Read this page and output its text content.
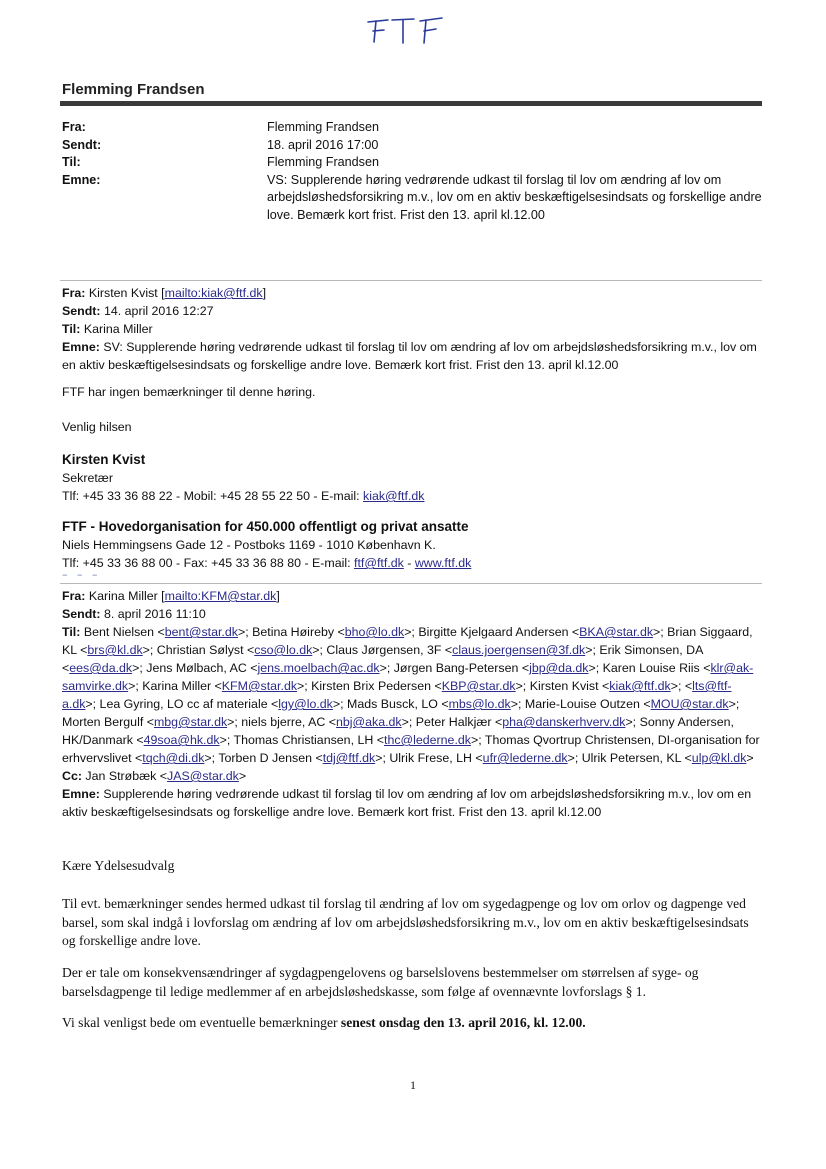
Flemming Frandsen
Fra:	Flemming Frandsen
Sendt:	18. april 2016 17:00
Til:	Flemming Frandsen
Emne:	VS: Supplerende høring vedrørende udkast til forslag til lov om ændring af lov om arbejdsløshedsforsikring m.v., lov om en aktiv beskæftigelsesindsats og forskellige andre love. Bemærk kort frist. Frist den 13. april kl.12.00

Fra: Kirsten Kvist [mailto:kiak@ftf.dk]

Sendt: 14. april 2016 12:27

Til: Karina Miller

Emne: SV: Supplerende høring vedrørende udkast til forslag til lov om ændring af lov om arbejdsløshedsforsikring m.v., lov om en aktiv beskæftigelsesindsats og forskellige andre love. Bemærk kort frist. Frist den 13. april kl.12.00

FTF har ingen bemærkninger til denne høring.
Venlig hilsen

Kirsten Kvist

Sekretær

Tlf: +45 33 36 88 22 - Mobil: +45 28 55 22 50 - E-mail: kiak@ftf.dk

FTF - Hovedorganisation for 450.000 offentligt og privat ansatte

Niels Hemmingsens Gade 12 - Postboks 1169 - 1010 København K.

Tlf: +45 33 36 88 00 - Fax: +45 33 36 88 80 - E-mail: ftf@ftf.dk - www.ftf.dk

– – –

Fra: Karina Miller [mailto:KFM@star.dk]

Sendt: 8. april 2016 11:10

Til: Bent Nielsen <bent@star.dk>; Betina Høireby <bho@lo.dk>; Birgitte Kjelgaard Andersen <BKA@star.dk>; Brian Siggaard, KL <brs@kl.dk>; Christian Sølyst <cso@lo.dk>; Claus Jørgensen, 3F <claus.joergensen@3f.dk>; Erik Simonsen, DA <ees@da.dk>; Jens Mølbach, AC <jens.moelbach@ac.dk>; Jørgen Bang-Petersen <jbp@da.dk>; Karen Louise Riis <klr@ak-samvirke.dk>; Karina Miller <KFM@star.dk>; Kirsten Brix Pedersen <KBP@star.dk>; Kirsten Kvist <kiak@ftf.dk>; <lts@ftf-a.dk>; Lea Gyring, LO cc af materiale <lgy@lo.dk>; Mads Busck, LO <mbs@lo.dk>; Marie-Louise Outzen <MOU@star.dk>; Morten Bergulf <mbg@star.dk>; niels bjerre, AC <nbj@aka.dk>; Peter Halkjær <pha@danskerhverv.dk>; Sonny Andersen, HK/Danmark <49soa@hk.dk>; Thomas Christiansen, LH <thc@lederne.dk>; Thomas Qvortrup Christensen, DI-organisation for erhvervslivet <tqch@di.dk>; Torben D Jensen <tdj@ftf.dk>; Ulrik Frese, LH <ufr@lederne.dk>; Ulrik Petersen, KL <ulp@kl.dk>

Cc: Jan Strøbæk <JAS@star.dk>

Emne: Supplerende høring vedrørende udkast til forslag til lov om ændring af lov om arbejdsløshedsforsikring m.v., lov om en aktiv beskæftigelsesindsats og forskellige andre love. Bemærk kort frist. Frist den 13. april kl.12.00

Kære Ydelsesudvalg
Til evt. bemærkninger sendes hermed udkast til forslag til ændring af lov om sygedagpenge og lov om orlov og dagpenge ved barsel, som skal indgå i lovforslag om ændring af lov om arbejdsløshedsforsikring m.v., lov om en aktiv beskæftigelsesindsats og forskellige andre love.
Der er tale om konsekvensændringer af sygdagpengelovens og barselslovens bestemmelser om størrelsen af syge- og barselsdagpenge til ledige medlemmer af en arbejdsløshedskasse, som følge af ovennævnte lovforslags § 1.
Vi skal venligst bede om eventuelle bemærkninger senest onsdag den 13. april 2016, kl. 12.00.
1
